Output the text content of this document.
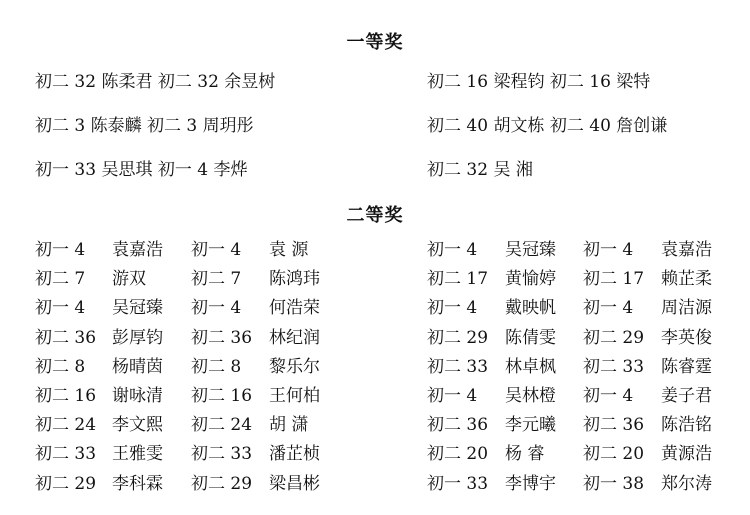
一等奖
初二 32 陈柔君 初二 32 余昱树	初二 16 梁程钧 初二 16 梁特
初二 3 陈泰麟 初二 3 周玥彤	初二 40 胡文栋 初二 40 詹创谦
初一 33 吴思琪 初一 4 李烨	初二 32 吴 湘
二等奖
初一 4 袁嘉浩 初一 4 袁 源	初一 4 吴冠臻 初一 4 袁嘉浩
初二 7 游双	初二 7 陈鸿玮	初二 17 黄愉婷 初二 17 赖芷柔
初一 4 吴冠臻 初一 4 何浩荣	初一 4 戴映帆 初一 4 周洁源
初二 36 彭厚钧 初二 36 林纪润	初二 29 陈倩雯 初二 29 李英俊
初二 8 杨晴茵 初二 8 黎乐尔	初二 33 林卓枫 初二 33 陈睿霆
初二 16 谢咏清 初二 16 王何柏	初一 4 吴林橙 初一 4 姜子君
初二 24 李文熙 初二 24 胡 潇	初二 36 李元曦 初二 36 陈浩铭
初二 33 王雅雯 初二 33 潘芷桢	初二 20 杨 睿 初二 20 黄源浩
初二 29 李科霖 初二 29 梁昌彬	初一 33 李博宇 初一 38 郑尔涛
